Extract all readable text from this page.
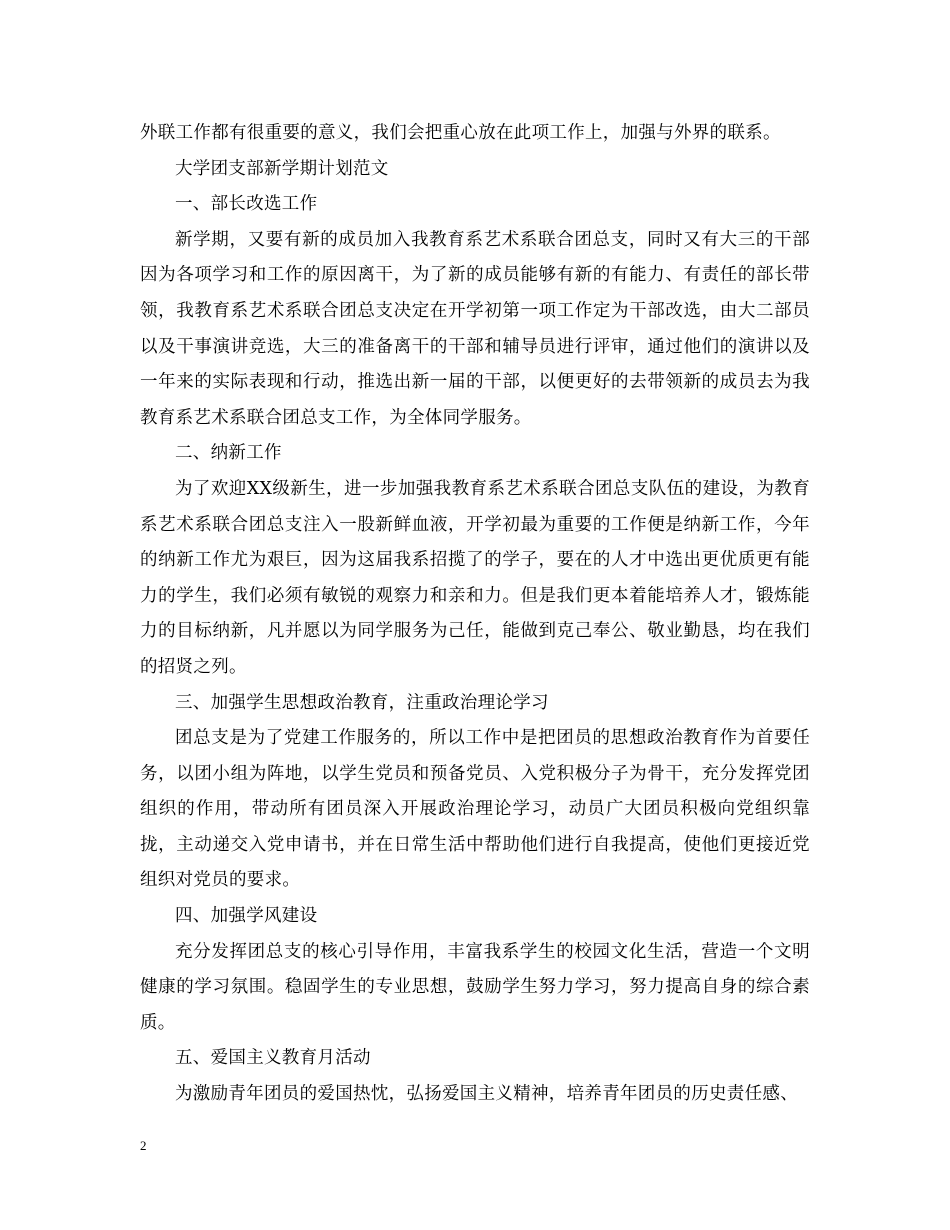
外联工作都有很重要的意义，我们会把重心放在此项工作上，加强与外界的联系。

大学团支部新学期计划范文

一、部长改选工作

新学期，又要有新的成员加入我教育系艺术系联合团总支，同时又有大三的干部因为各项学习和工作的原因离干，为了新的成员能够有新的有能力、有责任的部长带领，我教育系艺术系联合团总支决定在开学初第一项工作定为干部改选，由大二部员以及干事演讲竞选，大三的准备离干的干部和辅导员进行评审，通过他们的演讲以及一年来的实际表现和行动，推选出新一届的干部，以便更好的去带领新的成员去为我教育系艺术系联合团总支工作，为全体同学服务。

二、纳新工作

为了欢迎XX级新生，进一步加强我教育系艺术系联合团总支队伍的建设，为教育系艺术系联合团总支注入一股新鲜血液，开学初最为重要的工作便是纳新工作，今年的纳新工作尤为艰巨，因为这届我系招揽了的学子，要在的人才中选出更优质更有能力的学生，我们必须有敏锐的观察力和亲和力。但是我们更本着能培养人才，锻炼能力的目标纳新，凡并愿以为同学服务为己任，能做到克己奉公、敬业勤恳，均在我们的招贤之列。

三、加强学生思想政治教育，注重政治理论学习

团总支是为了党建工作服务的，所以工作中是把团员的思想政治教育作为首要任务，以团小组为阵地，以学生党员和预备党员、入党积极分子为骨干，充分发挥党团组织的作用，带动所有团员深入开展政治理论学习，动员广大团员积极向党组织靠拢，主动递交入党申请书，并在日常生活中帮助他们进行自我提高，使他们更接近党组织对党员的要求。

四、加强学风建设

充分发挥团总支的核心引导作用，丰富我系学生的校园文化生活，营造一个文明健康的学习氛围。稳固学生的专业思想，鼓励学生努力学习，努力提高自身的综合素质。

五、爱国主义教育月活动

为激励青年团员的爱国热忱，弘扬爱国主义精神，培养青年团员的历史责任感、

2
